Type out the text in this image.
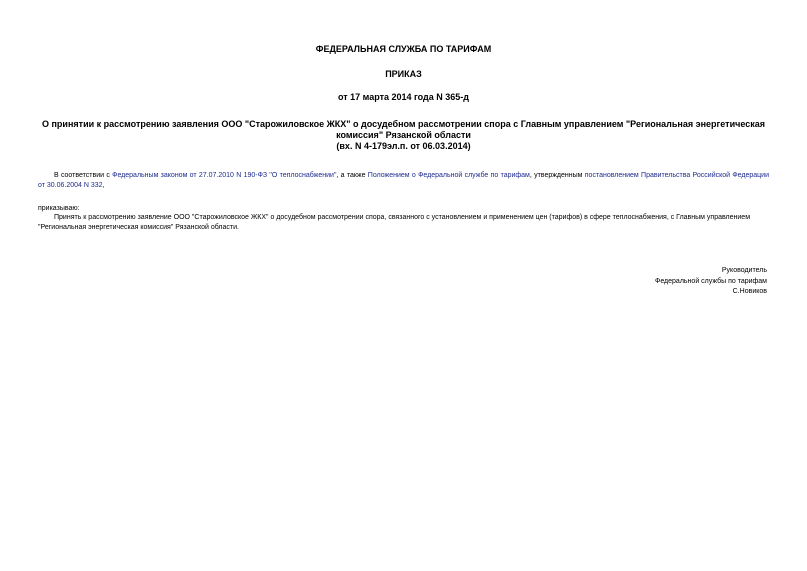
ФЕДЕРАЛЬНАЯ СЛУЖБА ПО ТАРИФАМ
ПРИКАЗ
от 17 марта 2014 года N 365-д
О принятии к рассмотрению заявления ООО "Старожиловское ЖКХ" о досудебном рассмотрении спора с Главным управлением "Региональная энергетическая
комиссия" Рязанской области
(вх. N 4-179эл.п. от 06.03.2014)
В соответствии с Федеральным законом от 27.07.2010 N 190-ФЗ "О теплоснабжении", а также Положением о Федеральной службе по тарифам, утвержденным постановлением Правительства Российской Федерации от 30.06.2004 N 332,
приказываю:
Принять к рассмотрению заявление ООО "Старожиловское ЖКХ" о досудебном рассмотрении спора, связанного с установлением и применением цен (тарифов) в сфере теплоснабжения, с Главным управлением "Региональная энергетическая комиссия" Рязанской области.
Руководитель
Федеральной службы по тарифам
С.Новиков
